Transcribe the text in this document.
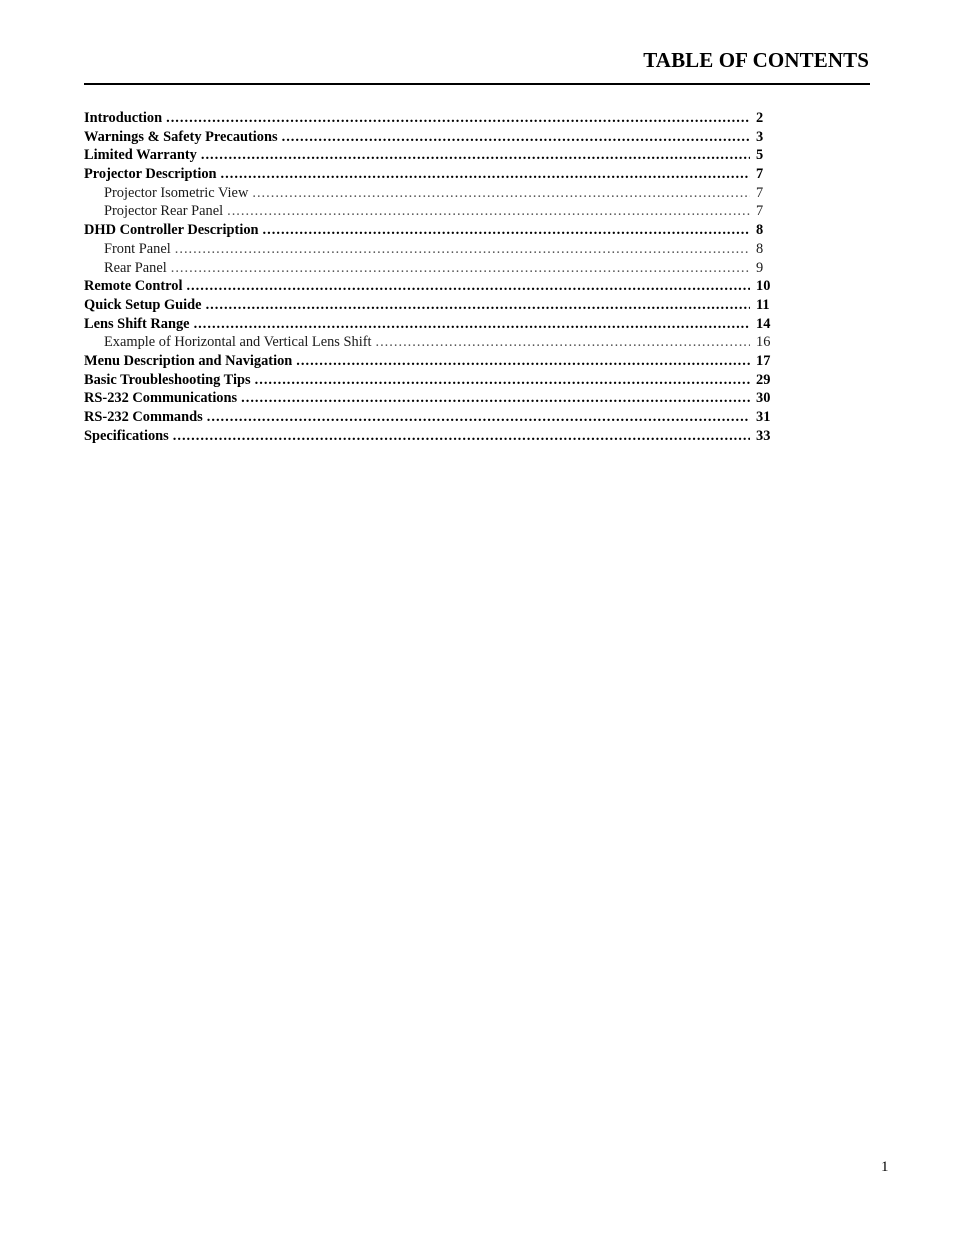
TABLE OF CONTENTS
Introduction .....	2
Warnings & Safety Precautions .....	3
Limited Warranty .....	5
Projector Description .....	7
Projector Isometric View .....	7
Projector Rear Panel .....	7
DHD Controller Description .....	8
Front Panel .....	8
Rear Panel .....	9
Remote Control .....	10
Quick Setup Guide .....	11
Lens Shift Range .....	14
Example of Horizontal and Vertical Lens Shift .....	16
Menu Description and Navigation .....	17
Basic Troubleshooting Tips .....	29
RS-232 Communications .....	30
RS-232 Commands .....	31
Specifications .....	33
1
